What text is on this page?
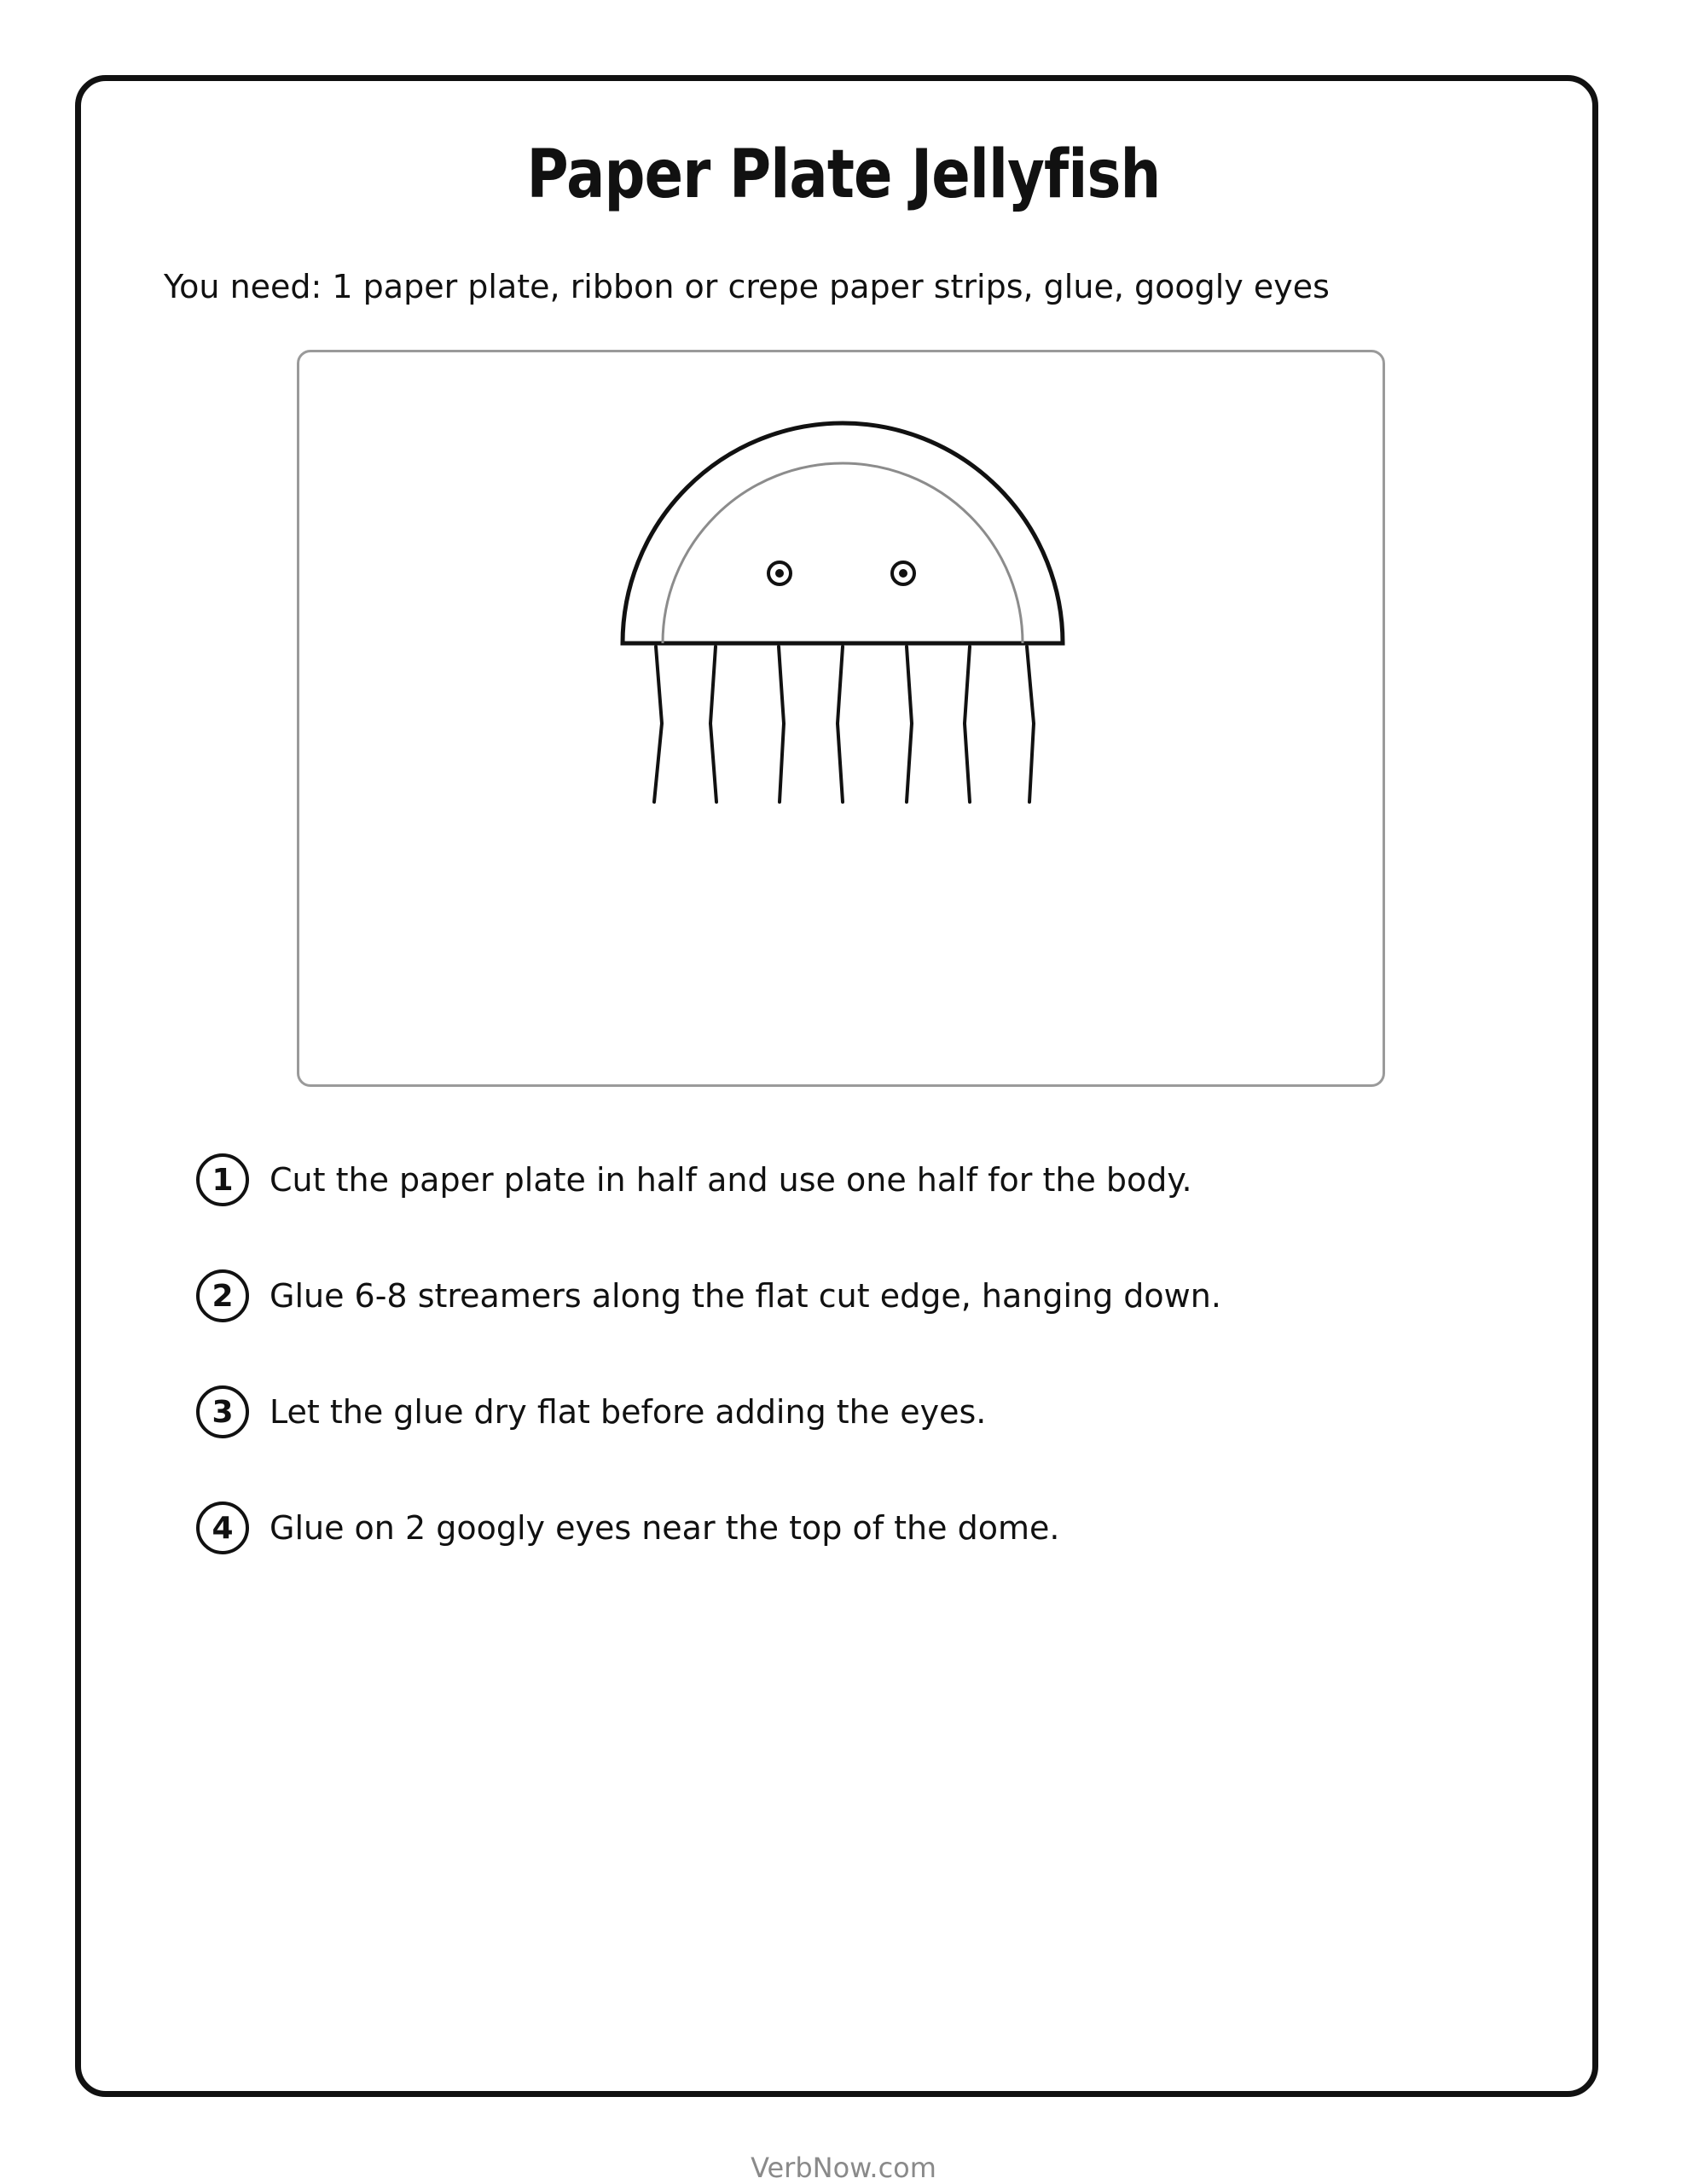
Paper Plate Jellyfish
You need: 1 paper plate, ribbon or crepe paper strips, glue, googly eyes
1	Cut the paper plate in half and use one half for the body.
2	Glue 6-8 streamers along the flat cut edge, hanging down.
3	Let the glue dry flat before adding the eyes.
4	Glue on 2 googly eyes near the top of the dome.
VerbNow.com
